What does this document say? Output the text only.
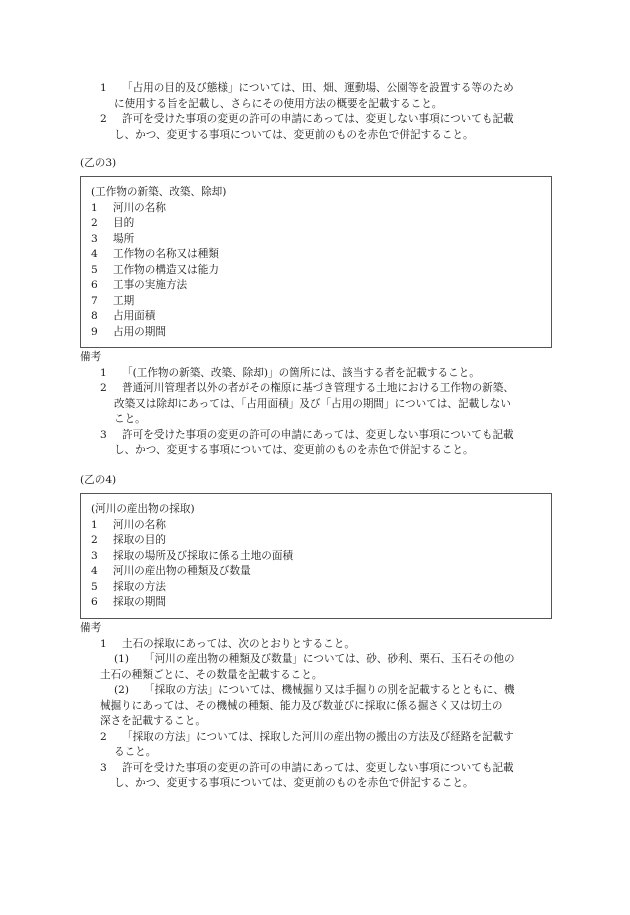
1 「占用の目的及び態様」については、田、畑、運動場、公園等を設置する等のため
に使用する旨を記載し、さらにその使用方法の概要を記載すること。
2 許可を受けた事項の変更の許可の申請にあっては、変更しない事項についても記載
し、かつ、変更する事項については、変更前のものを赤色で併記すること。
(乙の3)
(工作物の新築、改築、除却)
1 河川の名称
2 目的
3 場所
4 工作物の名称又は種類
5 工作物の構造又は能力
6 工事の実施方法
7 工期
8 占用面積
9 占用の期間
備考
1 「(工作物の新築、改築、除却)」の箇所には、該当する者を記載すること。
2 普通河川管理者以外の者がその権原に基づき管理する土地における工作物の新築、
改築又は除却にあっては、「占用面積」及び「占用の期間」については、記載しない
こと。
3 許可を受けた事項の変更の許可の申請にあっては、変更しない事項についても記載
し、かつ、変更する事項については、変更前のものを赤色で併記すること。
(乙の4)
(河川の産出物の採取)
1 河川の名称
2 採取の目的
3 採取の場所及び採取に係る土地の面積
4 河川の産出物の種類及び数量
5 採取の方法
6 採取の期間
備考
1 土石の採取にあっては、次のとおりとすること。
(1) 「河川の産出物の種類及び数量」については、砂、砂利、栗石、玉石その他の
土石の種類ごとに、その数量を記載すること。
(2) 「採取の方法」については、機械掘り又は手掘りの別を記載するとともに、機
械掘りにあっては、その機械の種類、能力及び数並びに採取に係る掘さく又は切土の
深さを記載すること。
2 「採取の方法」については、採取した河川の産出物の搬出の方法及び経路を記載す
ること。
3 許可を受けた事項の変更の許可の申請にあっては、変更しない事項についても記載
し、かつ、変更する事項については、変更前のものを赤色で併記すること。
